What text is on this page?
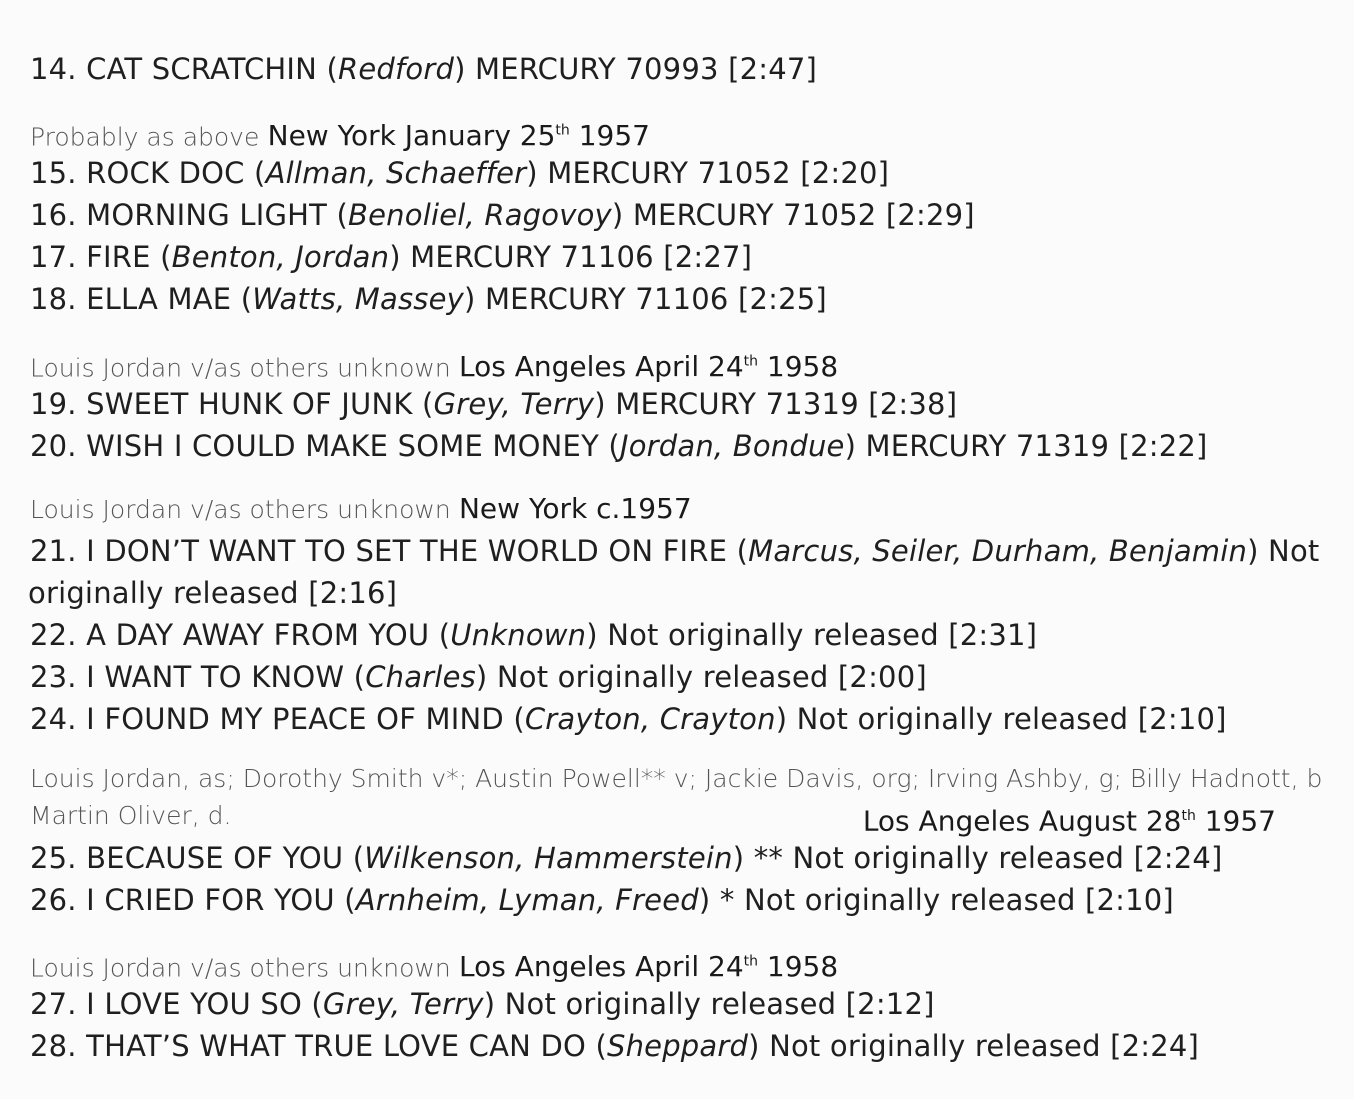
14. CAT SCRATCHIN (Redford) MERCURY 70993 [2:47]
Probably as above New York January 25th 1957
15. ROCK DOC (Allman, Schaeffer) MERCURY 71052 [2:20]
16. MORNING LIGHT (Benoliel, Ragovoy) MERCURY 71052 [2:29]
17. FIRE (Benton, Jordan) MERCURY 71106 [2:27]
18. ELLA MAE (Watts, Massey) MERCURY 71106 [2:25]
Louis Jordan v/as others unknown Los Angeles April 24th 1958
19. SWEET HUNK OF JUNK (Grey, Terry) MERCURY 71319 [2:38]
20. WISH I COULD MAKE SOME MONEY (Jordan, Bondue) MERCURY 71319 [2:22]
Louis Jordan v/as others unknown New York c.1957
21. I DON’T WANT TO SET THE WORLD ON FIRE (Marcus, Seiler, Durham, Benjamin) Not
originally released [2:16]
22. A DAY AWAY FROM YOU (Unknown) Not originally released [2:31]
23. I WANT TO KNOW (Charles) Not originally released [2:00]
24. I FOUND MY PEACE OF MIND (Crayton, Crayton) Not originally released [2:10]
Louis Jordan, as; Dorothy Smith v*; Austin Powell** v; Jackie Davis, org; Irving Ashby, g; Billy Hadnott, b
Martin Oliver, d.	Los Angeles August 28th 1957
25. BECAUSE OF YOU (Wilkenson, Hammerstein) ** Not originally released [2:24]
26. I CRIED FOR YOU (Arnheim, Lyman, Freed) * Not originally released [2:10]
Louis Jordan v/as others unknown Los Angeles April 24th 1958
27. I LOVE YOU SO (Grey, Terry) Not originally released [2:12]
28. THAT’S WHAT TRUE LOVE CAN DO (Sheppard) Not originally released [2:24]
